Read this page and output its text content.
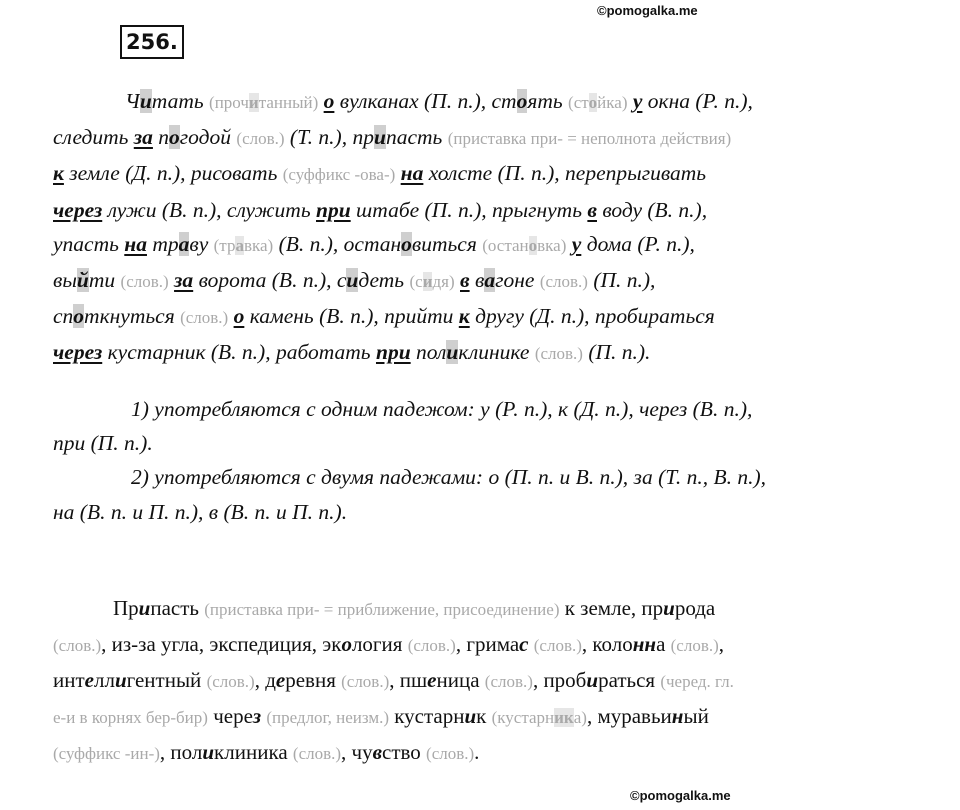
©pomogalka.me
256.
Читать (прочитанный) о вулканах (П. п.), стоять (стойка) у окна (Р. п.),
следить за погодой (слов.) (Т. п.), припасть (приставка при- = неполнота действия)
к земле (Д. п.), рисовать (суффикс -ова-) на холсте (П. п.), перепрыгивать
через лужи (В. п.), служить при штабе (П. п.), прыгнуть в воду (В. п.),
упасть на траву (травка) (В. п.), остановиться (остановка) у дома (Р. п.),
выйти (слов.) за ворота (В. п.), сидеть (сидя) в вагоне (слов.) (П. п.),
споткнуться (слов.) о камень (В. п.), прийти к другу (Д. п.), пробираться
через кустарник (В. п.), работать при поликлинике (слов.) (П. п.).
1) употребляются с одним падежом: у (Р. п.), к (Д. п.), через (В. п.),
при (П. п.).
2) употребляются с двумя падежами: о (П. п. и В. п.), за (Т. п., В. п.),
на (В. п. и П. п.), в (В. п. и П. п.).
Припасть (приставка при- = приближение, присоединение) к земле, природа
(слов.), из-за угла, экспедиция, экология (слов.), гримас (слов.), колонна (слов.),
интеллигентный (слов.), деревня (слов.), пшеница (слов.), пробираться (черед. гл.
е-и в корнях бер-бир) через (предлог, неизм.) кустарник (кустарника), муравьиный
(суффикс -ин-), поликлиника (слов.), чувство (слов.).
©pomogalka.me
